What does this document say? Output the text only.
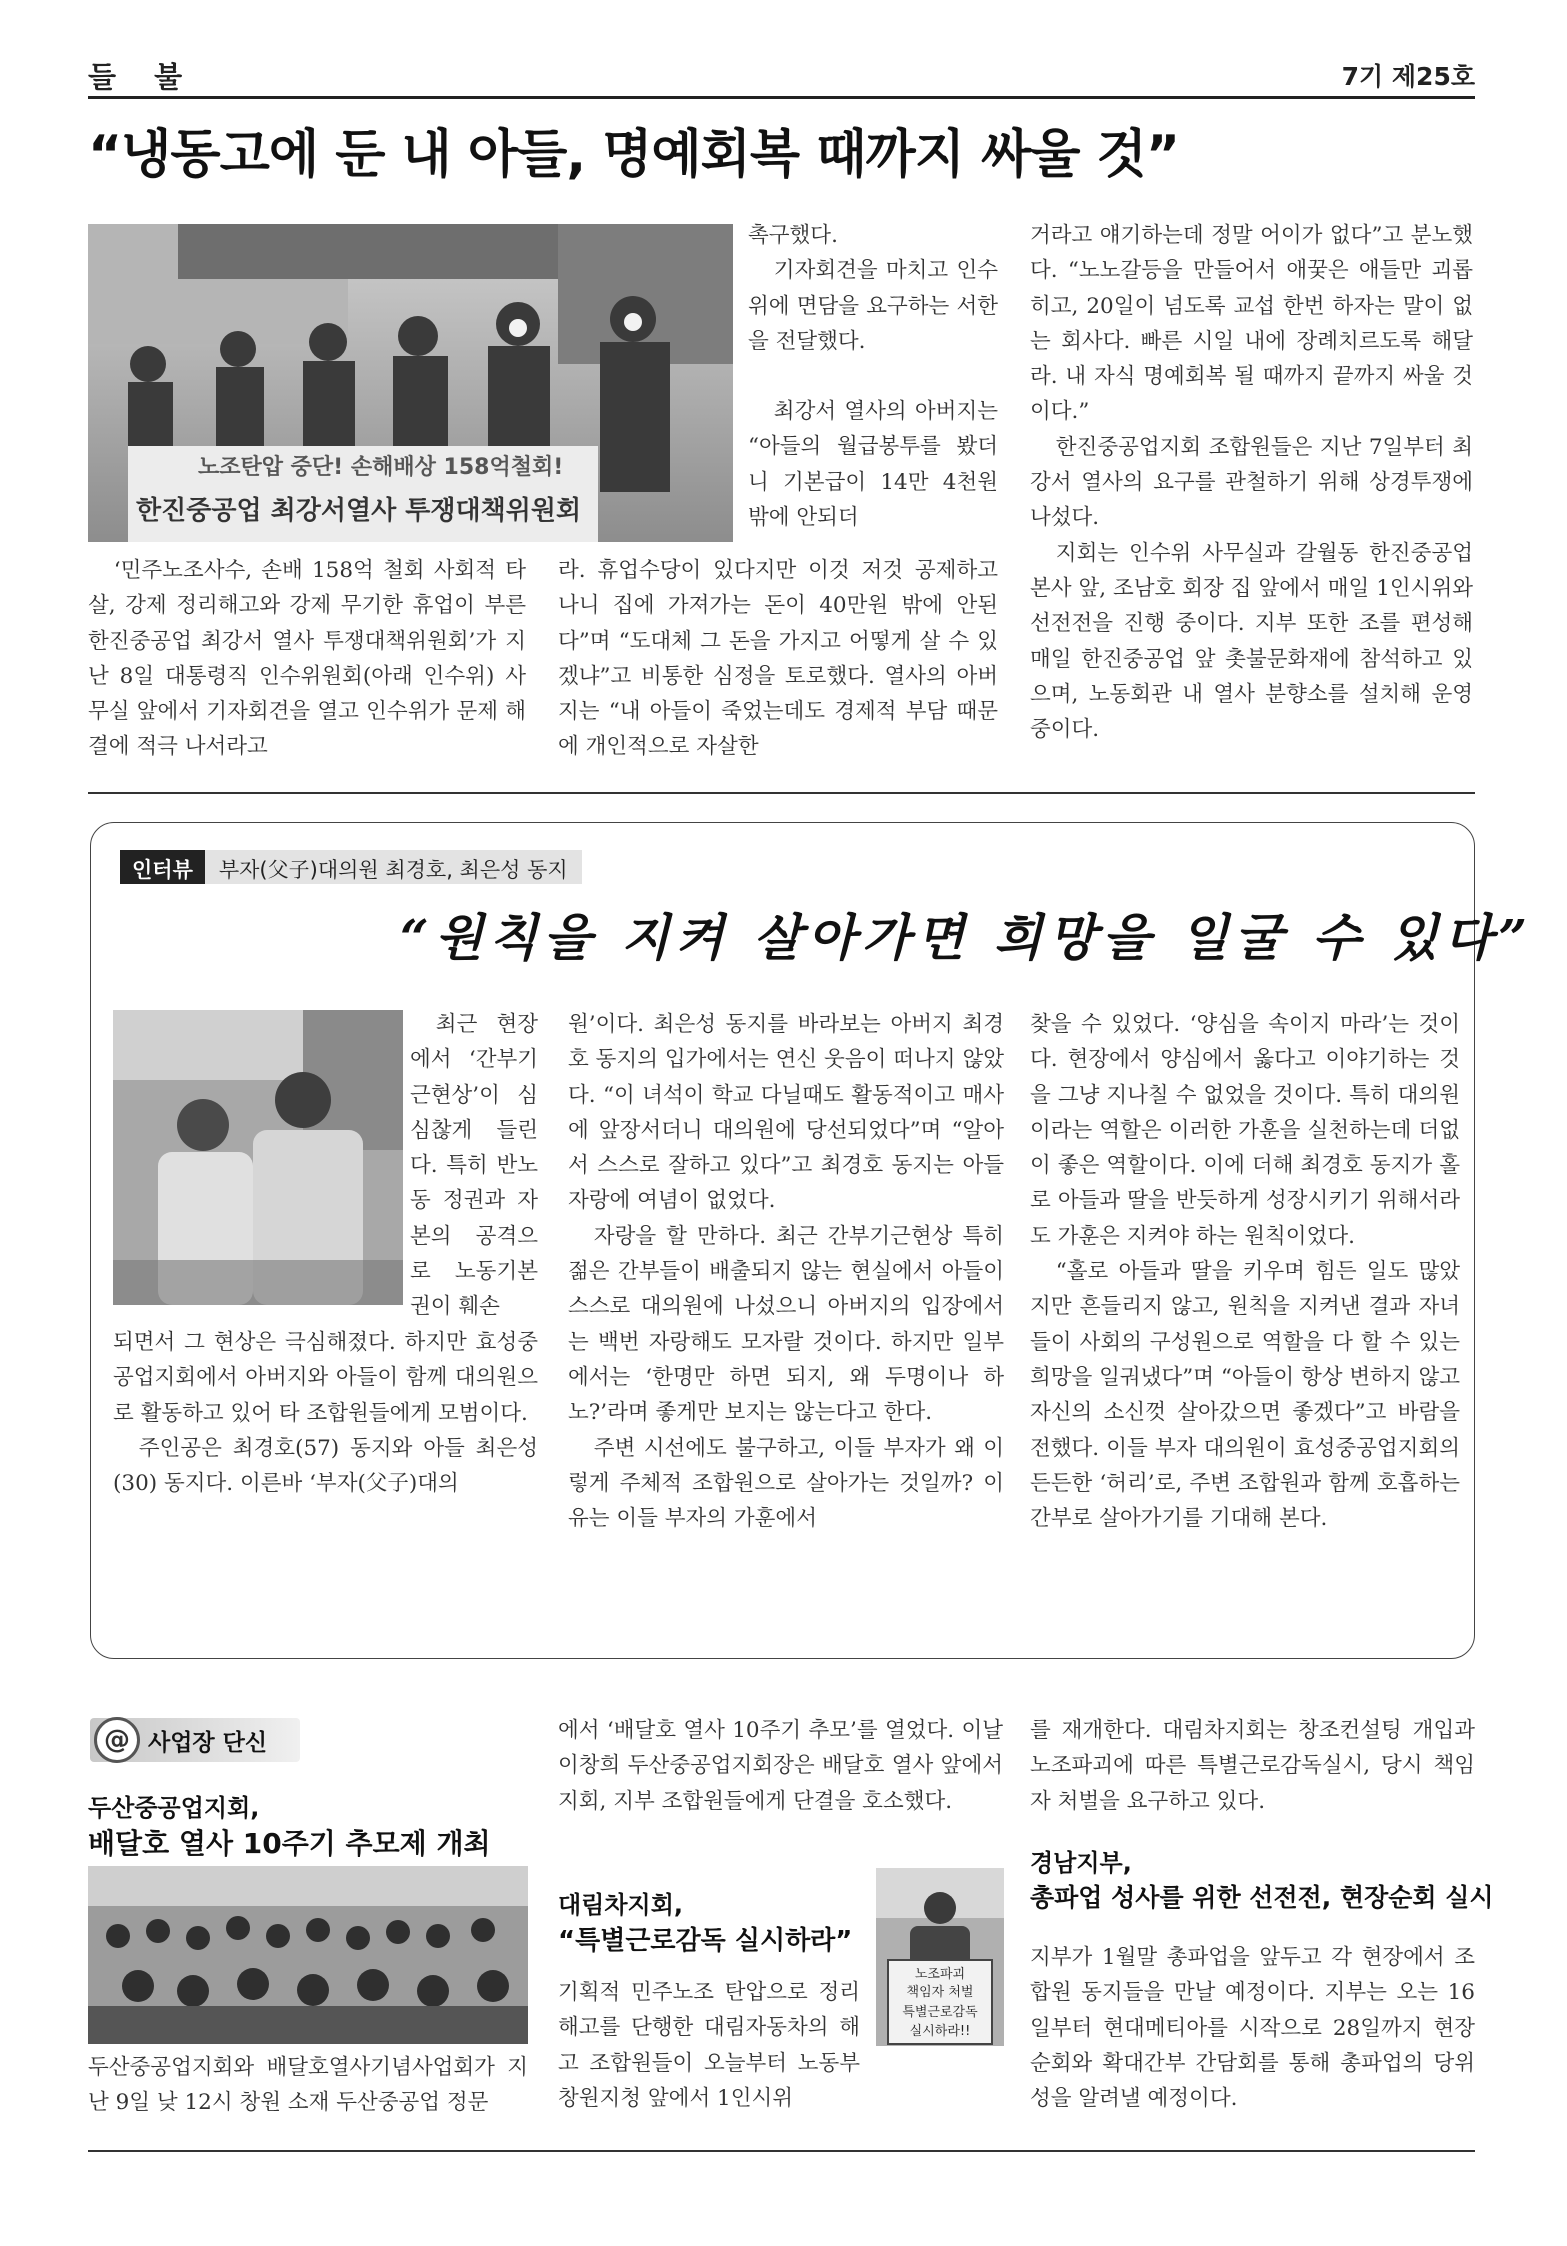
들 불	7기 제25호
“냉동고에 둔 내 아들, 명예회복 때까지 싸울 것”
노조탄압 중단! 손해배상 158억철회!
한진중공업 최강서열사 투쟁대책위원회

‘민주노조사수, 손배 158억 철회 사회적 타살, 강제 정리해고와 강제 무기한 휴업이 부른 한진중공업 최강서 열사 투쟁대책위원회’가 지난 8일 대통령직 인수위원회(아래 인수위) 사무실 앞에서 기자회견을 열고 인수위가 문제 해결에 적극 나서라고

촉구했다.

기자회견을 마치고 인수위에 면담을 요구하는 서한을 전달했다.

최강서 열사의 아버지는 “아들의 월급봉투를 봤더니 기본급이 14만 4천원 밖에 안되더

라. 휴업수당이 있다지만 이것 저것 공제하고 나니 집에 가져가는 돈이 40만원 밖에 안된다”며 “도대체 그 돈을 가지고 어떻게 살 수 있겠냐”고 비통한 심정을 토로했다. 열사의 아버지는 “내 아들이 죽었는데도 경제적 부담 때문에 개인적으로 자살한

거라고 얘기하는데 정말 어이가 없다”고 분노했다. “노노갈등을 만들어서 애꿎은 애들만 괴롭히고, 20일이 넘도록 교섭 한번 하자는 말이 없는 회사다. 빠른 시일 내에 장례치르도록 해달라. 내 자식 명예회복 될 때까지 끝까지 싸울 것이다.”

한진중공업지회 조합원들은 지난 7일부터 최강서 열사의 요구를 관철하기 위해 상경투쟁에 나섰다.

지회는 인수위 사무실과 갈월동 한진중공업 본사 앞, 조남호 회장 집 앞에서 매일 1인시위와 선전전을 진행 중이다. 지부 또한 조를 편성해 매일 한진중공업 앞 촛불문화재에 참석하고 있으며, 노동회관 내 열사 분향소를 설치해 운영 중이다.

인터뷰	부자(父子)대의원 최경호, 최은성 동지
“원칙을 지켜 살아가면 희망을 일굴 수 있다”

최근 현장에서 ‘간부기근현상’이 심심찮게 들린다. 특히 반노동 정권과 자본의 공격으로 노동기본권이 훼손

되면서 그 현상은 극심해졌다. 하지만 효성중공업지회에서 아버지와 아들이 함께 대의원으로 활동하고 있어 타 조합원들에게 모범이다.

주인공은 최경호(57) 동지와 아들 최은성(30) 동지다. 이른바 ‘부자(父子)대의

원’이다. 최은성 동지를 바라보는 아버지 최경호 동지의 입가에서는 연신 웃음이 떠나지 않았다. “이 녀석이 학교 다닐때도 활동적이고 매사에 앞장서더니 대의원에 당선되었다”며 “알아서 스스로 잘하고 있다”고 최경호 동지는 아들 자랑에 여념이 없었다.

자랑을 할 만하다. 최근 간부기근현상 특히 젊은 간부들이 배출되지 않는 현실에서 아들이 스스로 대의원에 나섰으니 아버지의 입장에서는 백번 자랑해도 모자랄 것이다. 하지만 일부에서는 ‘한명만 하면 되지, 왜 두명이나 하노?’라며 좋게만 보지는 않는다고 한다.

주변 시선에도 불구하고, 이들 부자가 왜 이렇게 주체적 조합원으로 살아가는 것일까? 이유는 이들 부자의 가훈에서

찾을 수 있었다. ‘양심을 속이지 마라’는 것이다. 현장에서 양심에서 옳다고 이야기하는 것을 그냥 지나칠 수 없었을 것이다. 특히 대의원이라는 역할은 이러한 가훈을 실천하는데 더없이 좋은 역할이다. 이에 더해 최경호 동지가 홀로 아들과 딸을 반듯하게 성장시키기 위해서라도 가훈은 지켜야 하는 원칙이었다.

“홀로 아들과 딸을 키우며 힘든 일도 많았지만 흔들리지 않고, 원칙을 지켜낸 결과 자녀들이 사회의 구성원으로 역할을 다 할 수 있는 희망을 일궈냈다”며 “아들이 항상 변하지 않고 자신의 소신껏 살아갔으면 좋겠다”고 바람을 전했다. 이들 부자 대의원이 효성중공업지회의 든든한 ‘허리’로, 주변 조합원과 함께 호흡하는 간부로 살아가기를 기대해 본다.

@ 사업장 단신
두산중공업지회,
배달호 열사 10주기 추모제 개최

두산중공업지회와 배달호열사기념사업회가 지난 9일 낮 12시 창원 소재 두산중공업 정문

에서 ‘배달호 열사 10주기 추모’를 열었다. 이날 이창희 두산중공업지회장은 배달호 열사 앞에서 지회, 지부 조합원들에게 단결을 호소했다.

대림차지회,
“특별근로감독 실시하라”

기획적 민주노조 탄압으로 정리해고를 단행한 대림자동차의 해고 조합원들이 오늘부터 노동부 창원지청 앞에서 1인시위

노조파괴
책임자 처벌
특별근로감독
실시하라!!

를 재개한다. 대림차지회는 창조컨설팅 개입과 노조파괴에 따른 특별근로감독실시, 당시 책임자 처벌을 요구하고 있다.

경남지부,
총파업 성사를 위한 선전전, 현장순회 실시

지부가 1월말 총파업을 앞두고 각 현장에서 조합원 동지들을 만날 예정이다. 지부는 오는 16일부터 현대메티아를 시작으로 28일까지 현장순회와 확대간부 간담회를 통해 총파업의 당위성을 알려낼 예정이다.
